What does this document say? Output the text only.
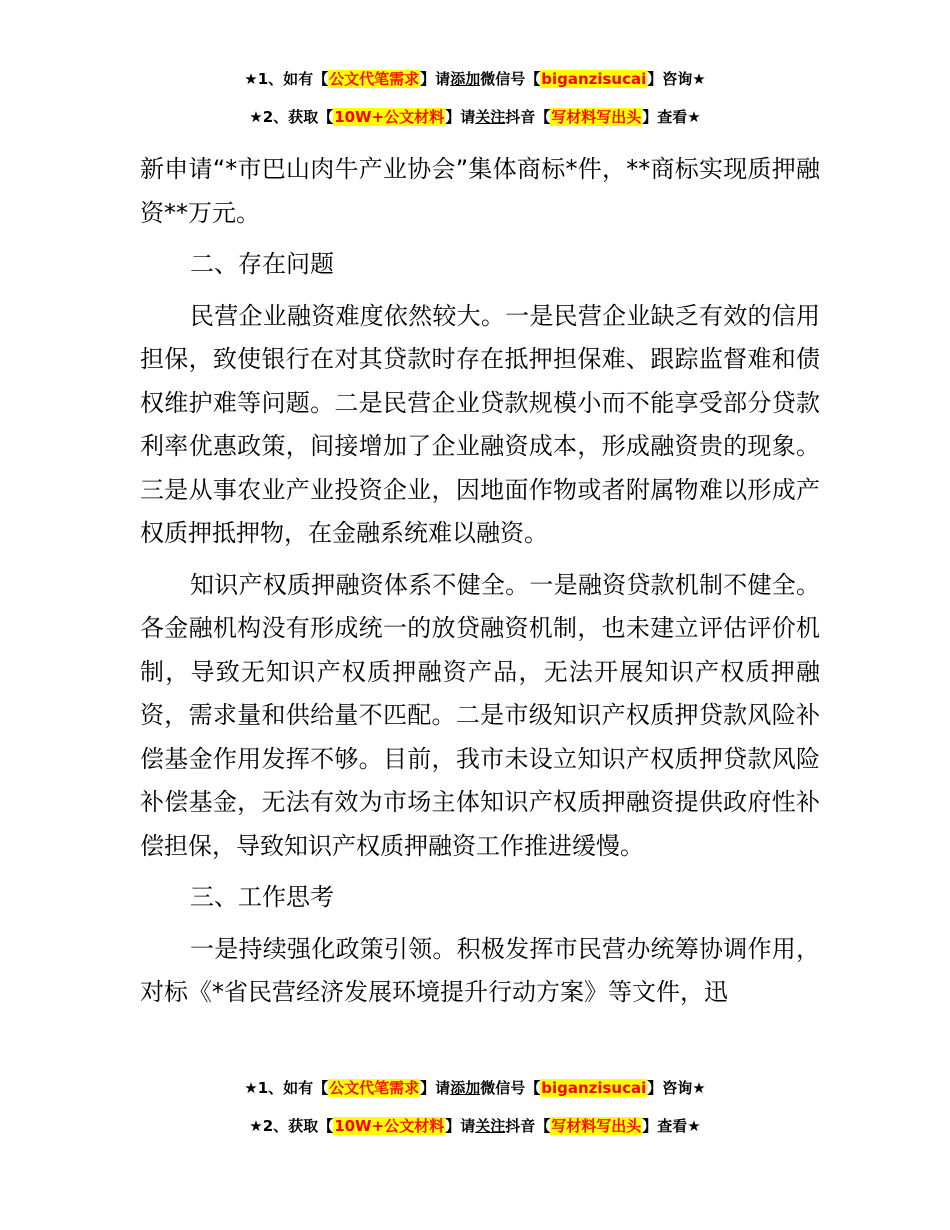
★1、如有【公文代笔需求】请添加微信号【biganzisucai】咨询★
★2、获取【10W+公文材料】请关注抖音【写材料写出头】查看★

新申请“*市巴山肉牛产业协会”集体商标*件，**商标实现质押融资**万元。

二、存在问题

民营企业融资难度依然较大。一是民营企业缺乏有效的信用担保，致使银行在对其贷款时存在抵押担保难、跟踪监督难和债权维护难等问题。二是民营企业贷款规模小而不能享受部分贷款利率优惠政策，间接增加了企业融资成本，形成融资贵的现象。三是从事农业产业投资企业，因地面作物或者附属物难以形成产权质押抵押物，在金融系统难以融资。

知识产权质押融资体系不健全。一是融资贷款机制不健全。各金融机构没有形成统一的放贷融资机制，也未建立评估评价机制，导致无知识产权质押融资产品，无法开展知识产权质押融资，需求量和供给量不匹配。二是市级知识产权质押贷款风险补偿基金作用发挥不够。目前，我市未设立知识产权质押贷款风险补偿基金，无法有效为市场主体知识产权质押融资提供政府性补偿担保，导致知识产权质押融资工作推进缓慢。

三、工作思考

一是持续强化政策引领。积极发挥市民营办统筹协调作用，对标《*省民营经济发展环境提升行动方案》等文件，迅

★1、如有【公文代笔需求】请添加微信号【biganzisucai】咨询★
★2、获取【10W+公文材料】请关注抖音【写材料写出头】查看★
